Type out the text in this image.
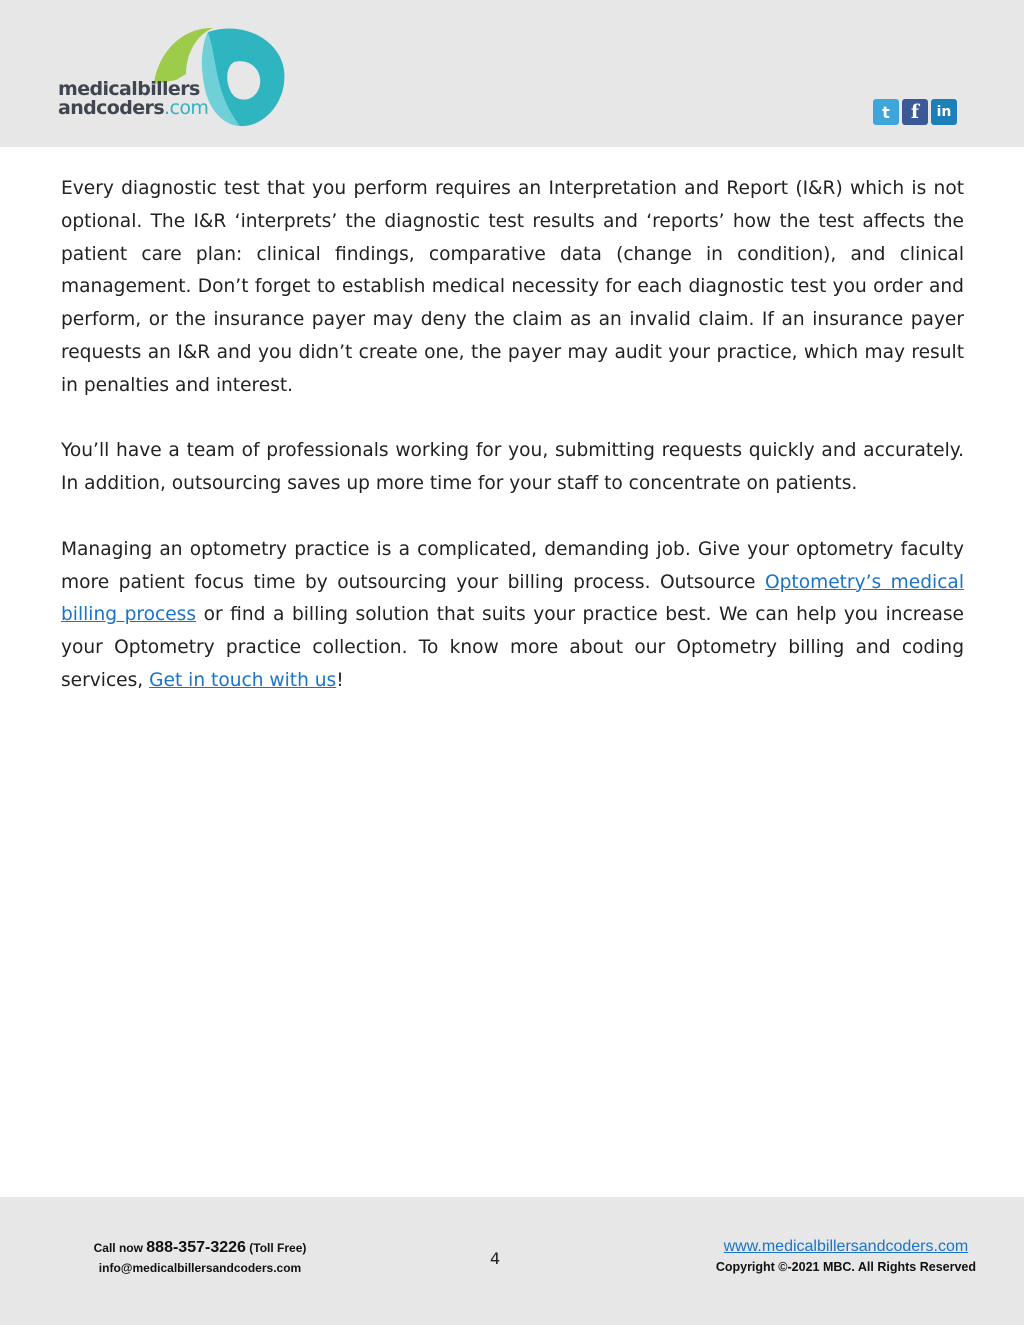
medicalbillers
andcoders.com	t f in

Every diagnostic test that you perform requires an Interpretation and Report (I&R) which is not optional. The I&R ‘interprets’ the diagnostic test results and ‘reports’ how the test affects the patient care plan: clinical findings, comparative data (change in condition), and clinical management. Don’t forget to establish medical necessity for each diagnostic test you order and perform, or the insurance payer may deny the claim as an invalid claim. If an insurance payer requests an I&R and you didn’t create one, the payer may audit your practice, which may result in penalties and interest.

You’ll have a team of professionals working for you, submitting requests quickly and accurately. In addition, outsourcing saves up more time for your staff to concentrate on patients.

Managing an optometry practice is a complicated, demanding job. Give your optometry faculty more patient focus time by outsourcing your billing process. Outsource Optometry’s medical billing process or find a billing solution that suits your practice best. We can help you increase your Optometry practice collection. To know more about our Optometry billing and coding services, Get in touch with us!

Call now 888-357-3226 (Toll Free)
info@medicalbillersandcoders.com	4
www.medicalbillersandcoders.com
Copyright ©-2021 MBC. All Rights Reserved
